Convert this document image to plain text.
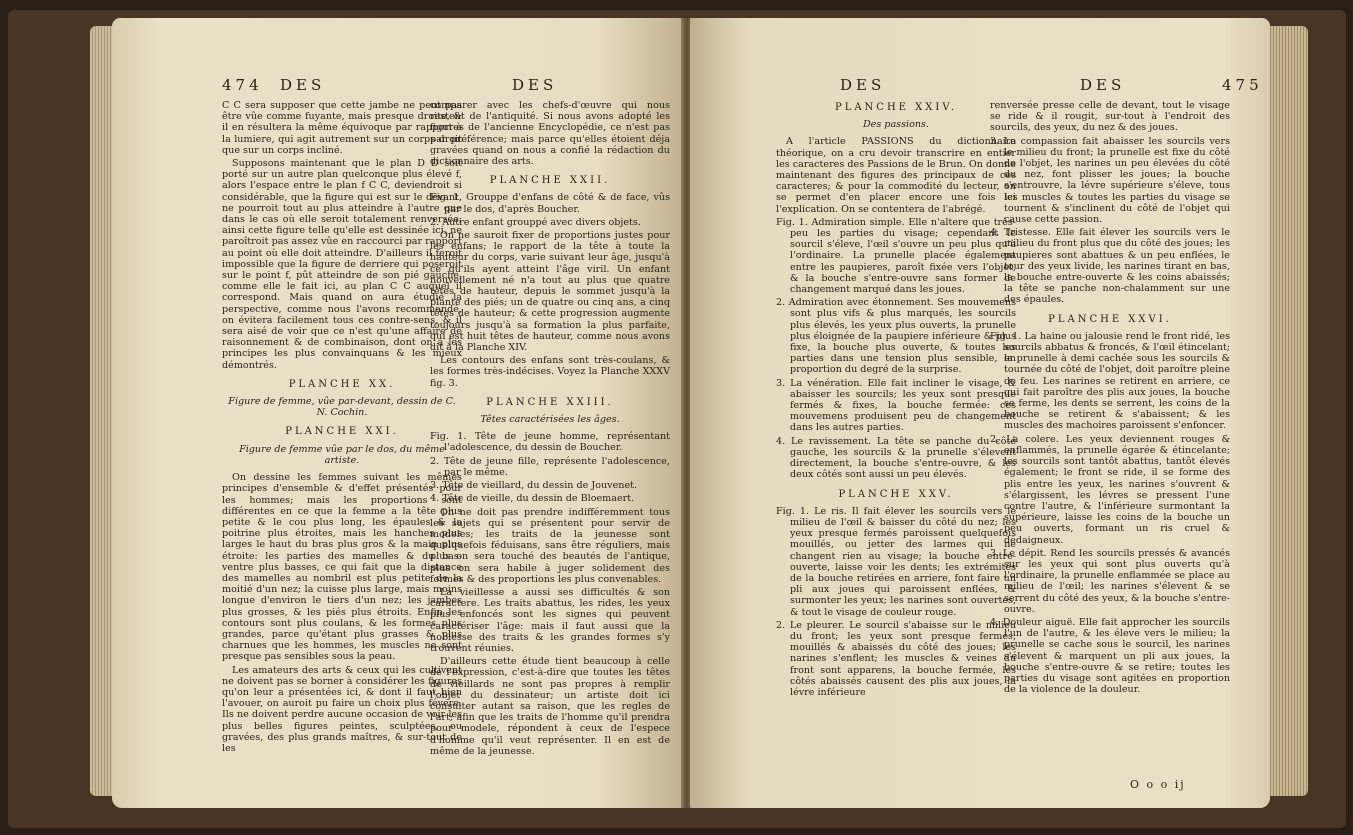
474 DES	DES

C C sera supposer que cette jambe ne peut pas être vûe comme fuyante, mais presque droite, & il en résultera la même équivoque par rapport à la lumiere, qui agit autrement sur un corps droit que sur un corps incliné.

Supposons maintenant que le plan D D soit porté sur un autre plan quelconque plus élevé f, alors l'espace entre le plan f C C, deviendroit si considérable, que la figure qui est sur le devant, ne pourroit tout au plus atteindre à l'autre que dans le cas où elle seroit totalement renversée; ainsi cette figure telle qu'elle est dessinée ici, ne paroîtroit pas assez vûe en raccourci par rapport au point où elle doit atteindre. D'ailleurs il feroit impossible que la figure de derriere qui poseroit sur le point f, pût atteindre de son pié gauche, comme elle le fait ici, au plan C C auquel il correspond. Mais quand on aura étudié la perspective, comme nous l'avons recommandé, on évitera facilement tous ces contre-sens, & il sera aisé de voir que ce n'est qu'une affaire de raisonnement & de combinaison, dont on a les principes les plus convainquans & les mieux démontrés.

PLANCHE XX.
Figure de femme, vûe par-devant, dessin de C. N. Cochin.
PLANCHE XXI.
Figure de femme vûe par le dos, du même artiste.

On dessine les femmes suivant les mêmes principes d'ensemble & d'effet présentés pour les hommes; mais les proportions sont différentes en ce que la femme a la tête plus petite & le cou plus long, les épaules & la poitrine plus étroites, mais les hanches plus larges le haut du bras plus gros & la main plus étroite: les parties des mamelles & du bas-ventre plus basses, ce qui fait que la distance des mamelles au nombril est plus petite de la moitié d'un nez; la cuisse plus large, mais moins longue d'environ le tiers d'un nez; les jambes plus grosses, & les piés plus étroits. Enfin les contours sont plus coulans, & les formes plus grandes, parce qu'étant plus grasses & plus charnues que les hommes, les muscles ne sont presque pas sensibles sous la peau.

Les amateurs des arts & ceux qui les cultivent ne doivent pas se borner à considérer les figures qu'on leur a présentées ici, & dont il faut bien l'avouer, on auroit pu faire un choix plus févere. Ils ne doivent perdre aucune occasion de voir les plus belles figures peintes, sculptées, ou gravées, des plus grands maîtres, & sur-tout de les

comparer avec les chefs-d'œuvre qui nous restent de l'antiquité. Si nous avons adopté les figures de l'ancienne Encyclopédie, ce n'est pas par préférence; mais parce qu'elles étoient déja gravées quand on nous a confié la rédaction du dictionnaire des arts.

PLANCHE XXII.
Fig. 1. Grouppe d'enfans de côté & de face, vûs par le dos, d'après Boucher.
2. Autre enfant grouppé avec divers objets.

On ne sauroit fixer de proportions justes pour les enfans; le rapport de la tête à toute la hauteur du corps, varie suivant leur âge, jusqu'à ce qu'ils ayent atteint l'âge viril. Un enfant nouvellement né n'a tout au plus que quatre têtes de hauteur, depuis le sommet jusqu'à la plante des piés; un de quatre ou cinq ans, a cinq têtes de hauteur; & cette progression augmente toujours jusqu'à sa formation la plus parfaite, qui est huit têtes de hauteur, comme nous avons dit à la Planche XIV.

Les contours des enfans sont très-coulans, & les formes très-indécises. Voyez la Planche XXXV fig. 3.

PLANCHE XXIII.
Têtes caractérisées les âges.
Fig. 1. Tête de jeune homme, représentant l'adolescence, du dessin de Boucher.
2. Tête de jeune fille, représente l'adolescence, par le même.
3. Tête de vieillard, du dessin de Jouvenet.
4. Tête de vieille, du dessin de Bloemaert.

On ne doit pas prendre indifféremment tous les sujets qui se présentent pour servir de modeles; les traits de la jeunesse sont quelquefois féduisans, sans être réguliers, mais plus on sera touché des beautés de l'antique, plus on sera habile à juger solidement des formes & des proportions les plus convenables.

La vieillesse a aussi ses difficultés & son caractere. Les traits abattus, les rides, les yeux plus enfoncés sont les signes qui peuvent caractériser l'âge: mais il faut aussi que la noblesse des traits & les grandes formes s'y trouvent réunies.

D'ailleurs cette étude tient beaucoup à celle de l'expression, c'est-à-dire que toutes les têtes de vieillards ne sont pas propres à remplir l'objet du dessinateur; un artiste doit ici consulter autant sa raison, que les regles de l'art; afin que les traits de l'homme qu'il prendra pour modele, répondent à ceux de l'espece d'homme qu'il veut représenter. Il en est de même de la jeunesse.

DES	DES	475
PLANCHE XXIV.
Des passions.

A l'article PASSIONS du dictionnaire théorique, on a cru devoir transcrire en entier les caracteres des Passions de le Brun. On donne maintenant des figures des principaux de ces caracteres; & pour la commodité du lecteur, on se permet d'en placer encore une fois ici l'explication. On se contentera de l'abrégé.

Fig. 1. Admiration simple. Elle n'altere que très-peu les parties du visage; cependant le sourcil s'éleve, l'œil s'ouvre un peu plus qu'à l'ordinaire. La prunelle placée également entre les paupieres, paroît fixée vers l'objet, & la bouche s'entre-ouvre sans former de changement marqué dans les joues.
2. Admiration avec étonnement. Ses mouvemens sont plus vifs & plus marqués, les sourcils plus élevés, les yeux plus ouverts, la prunelle plus éloignée de la paupiere inférieure & plus fixe, la bouche plus ouverte, & toutes les parties dans une tension plus sensible, en proportion du degré de la surprise.
3. La vénération. Elle fait incliner le visage, & abaisser les sourcils; les yeux sont presque fermés & fixes, la bouche fermée: ces mouvemens produisent peu de changement dans les autres parties.
4. Le ravissement. La tête se panche du côté gauche, les sourcils & la prunelle s'élevent directement, la bouche s'entre-ouvre, & les deux côtés sont aussi un peu élevés.
PLANCHE XXV.
Fig. 1. Le ris. Il fait élever les sourcils vers le milieu de l'œil & baisser du côté du nez; les yeux presque fermés paroissent quelquefois mouillés, ou jetter des larmes qui ne changent rien au visage; la bouche entre-ouverte, laisse voir les dents; les extrémités de la bouche retirées en arriere, font faire un pli aux joues qui paroissent enflées, & surmonter les yeux; les narines sont ouvertes, & tout le visage de couleur rouge.
2. Le pleurer. Le sourcil s'abaisse sur le milieu du front; les yeux sont presque fermés, mouillés & abaissés du côté des joues; les narines s'enflent; les muscles & veines du front sont apparens, la bouche fermée, les côtés abaissés causent des plis aux joues, la lévre inférieure

renversée presse celle de devant, tout le visage se ride & il rougit, sur-tout à l'endroit des sourcils, des yeux, du nez & des joues.

3. La compassion fait abaisser les sourcils vers le milieu du front; la prunelle est fixe du côté de l'objet, les narines un peu élevées du côté du nez, font plisser les joues; la bouche s'entrouvre, la lévre supérieure s'éleve, tous les muscles & toutes les parties du visage se tournent & s'inclinent du côté de l'objet qui cause cette passion.
4. Tristesse. Elle fait élever les sourcils vers le milieu du front plus que du côté des joues; les paupieres sont abattues & un peu enflées, le tour des yeux livide, les narines tirant en bas, la bouche entre-ouverte & les coins abaissés; la tête se panche non-chalamment sur une des épaules.
PLANCHE XXVI.
Fig. 1. La haine ou jalousie rend le front ridé, les sourcils abbatus & froncés, & l'œil étincelant; la prunelle à demi cachée sous les sourcils & tournée du côté de l'objet, doit paroître pleine de feu. Les narines se retirent en arriere, ce qui fait paroître des plis aux joues, la bouche se ferme, les dents se serrent, les coins de la bouche se retirent & s'abaissent; & les muscles des machoires paroissent s'enfoncer.
2. La colere. Les yeux deviennent rouges & enflammés, la prunelle égarée & étincelante; les sourcils sont tantôt abattus, tantôt élevés également; le front se ride, il se forme des plis entre les yeux, les narines s'ouvrent & s'élargissent, les lévres se pressent l'une contre l'autre, & l'inférieure surmontant la supérieure, laisse les coins de la bouche un peu ouverts, formant un ris cruel & dédaigneux.
3. Le dépit. Rend les sourcils pressés & avancés sur les yeux qui sont plus ouverts qu'à l'ordinaire, la prunelle enflammée se place au milieu de l'œil; les narines s'élevent & se serrent du côté des yeux, & la bouche s'entre-ouvre.
4. Douleur aiguë. Elle fait approcher les sourcils l'un de l'autre, & les éleve vers le milieu; la prunelle se cache sous le sourcil, les narines s'élevent & marquent un pli aux joues, la bouche s'entre-ouvre & se retire; toutes les parties du visage sont agitées en proportion de la violence de la douleur.
O o o ij
